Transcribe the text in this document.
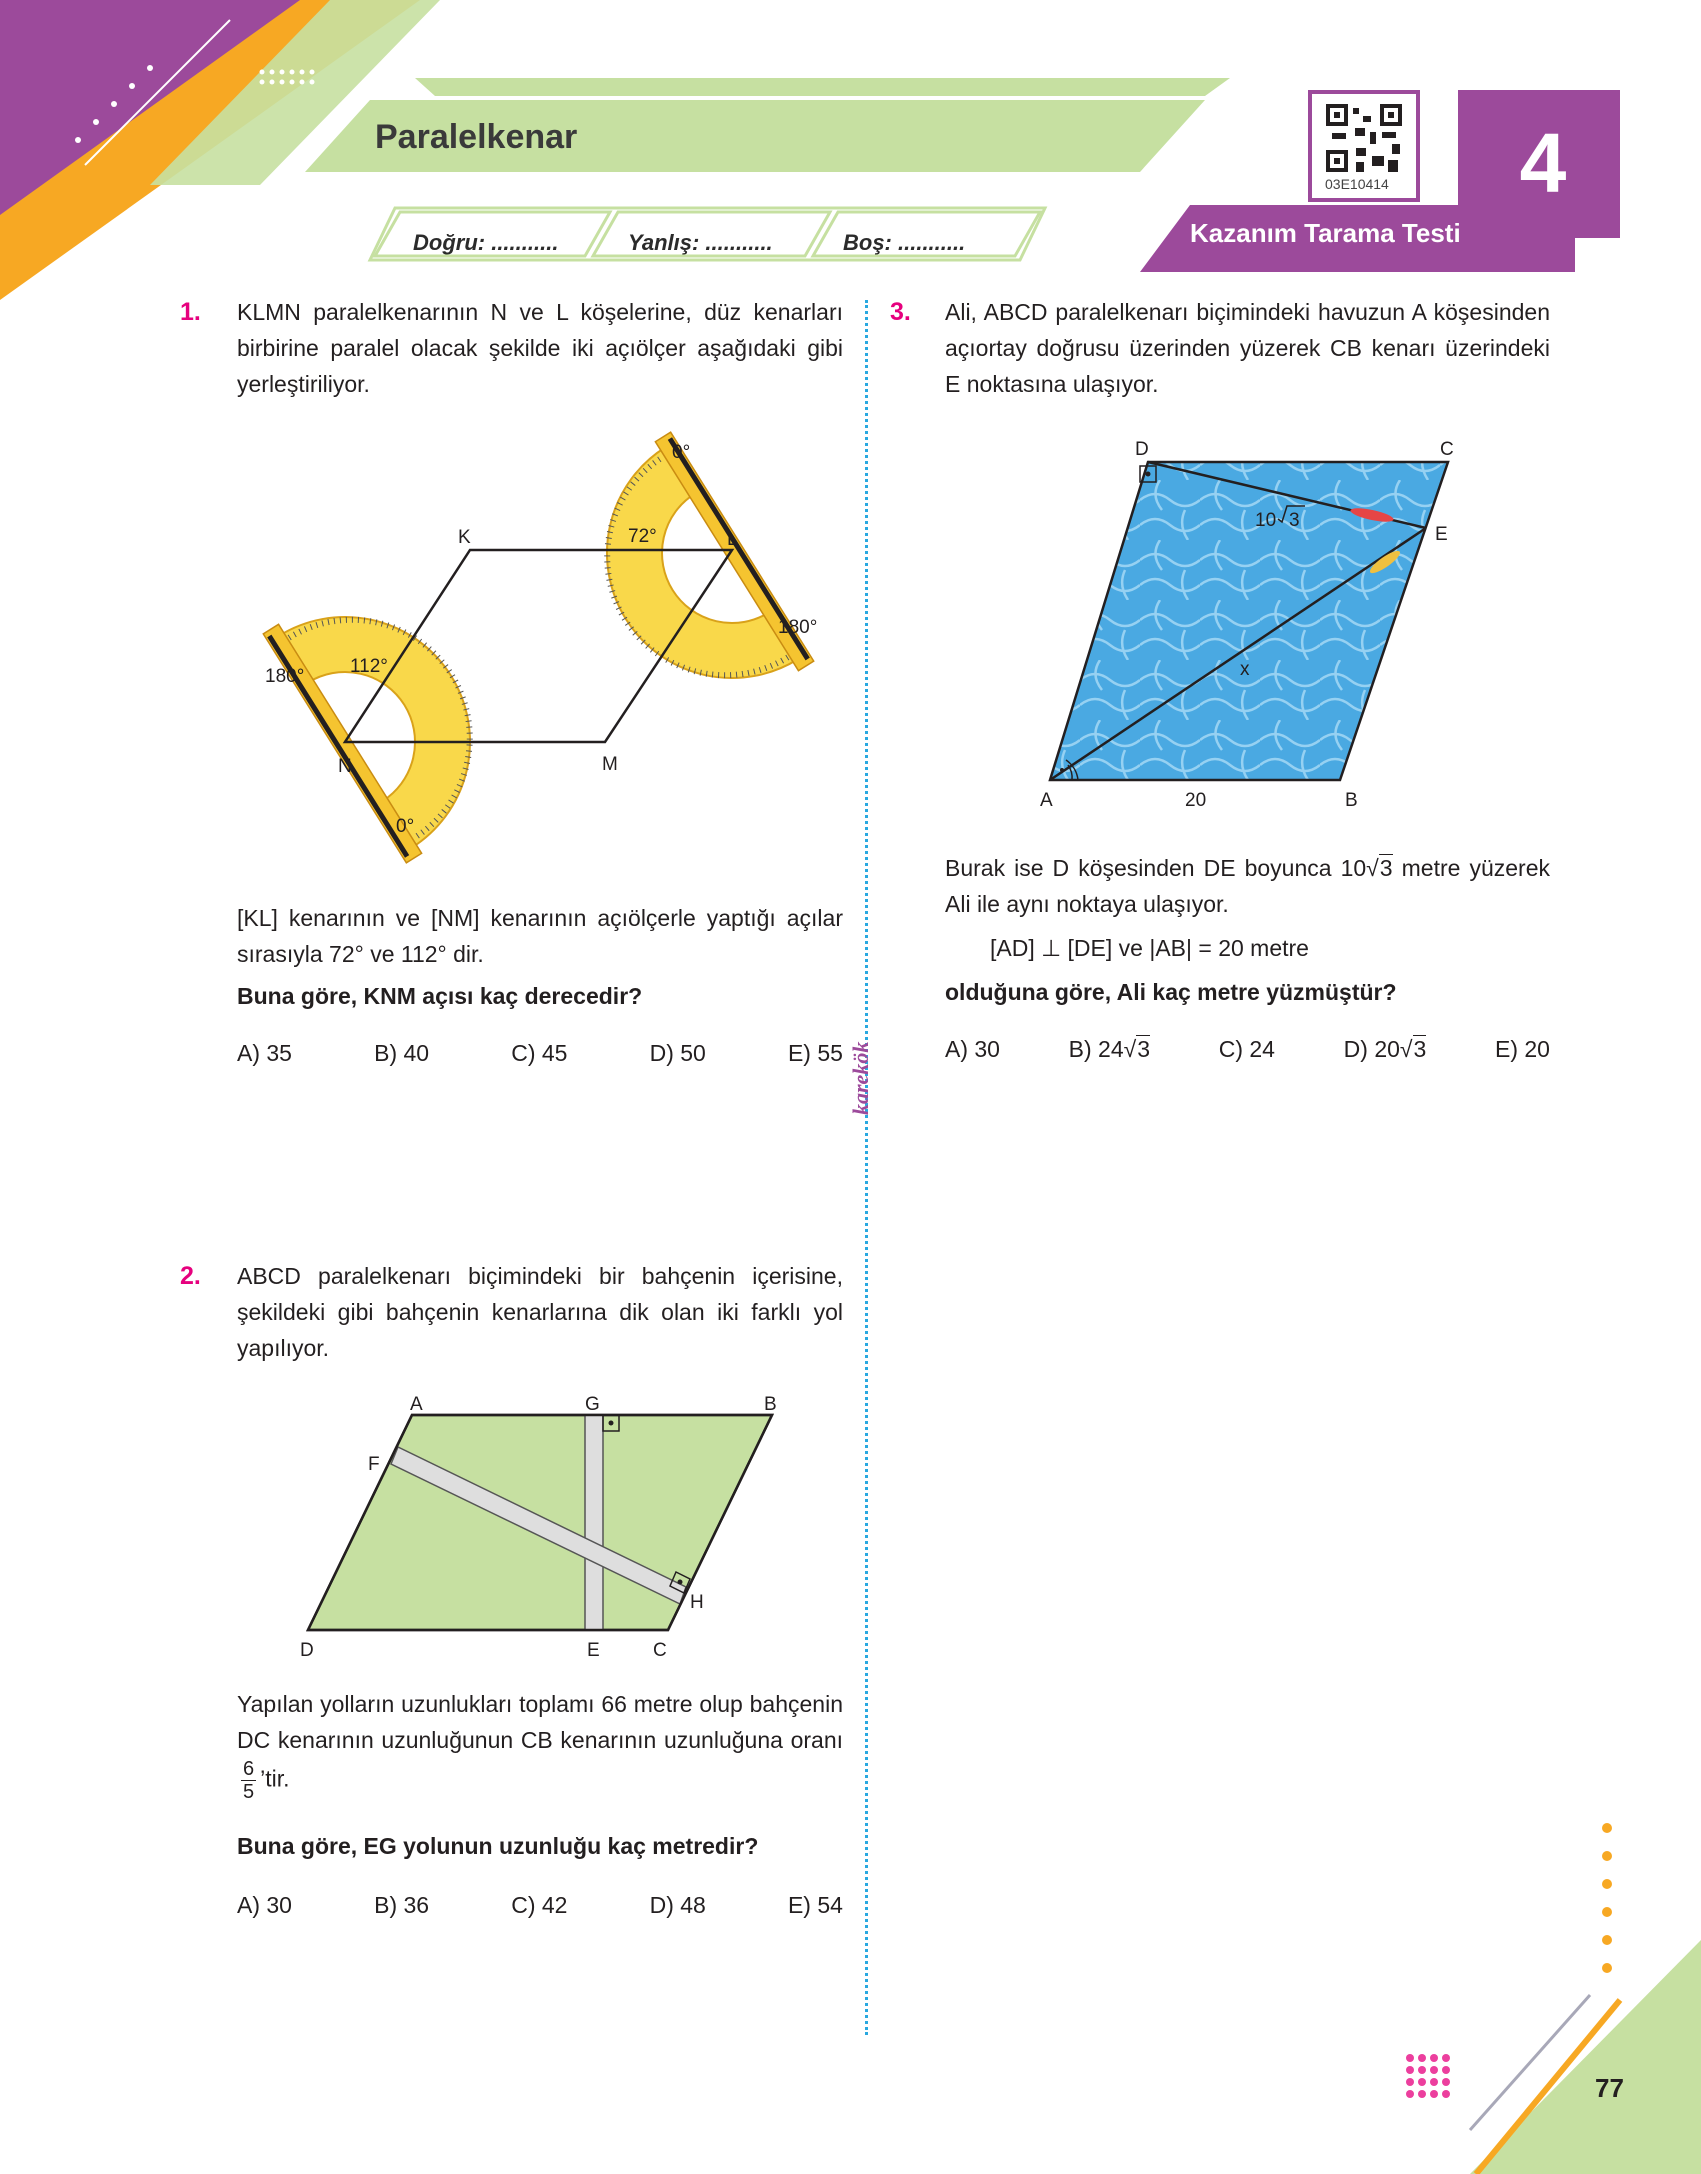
Paralelkenar
Doğru: ...........	Yanlış: ...........	Boş: ...........
03E10414	4
Kazanım Tarama Testi
karekök
1. KLMN paralelkenarının N ve L köşelerine, düz kenarları birbirine paralel olacak şekilde iki açıölçer aşağıdaki gibi yerleştiriliyor.
K	L
M
N
72°
112°
0°
0°
180°
180°
[KL] kenarının ve [NM] kenarının açıölçerle yaptığı açılar sırasıyla 72° ve 112° dir.
Buna göre, KNM açısı kaç derecedir?
A) 35	B) 40	C) 45	D) 50	E) 55
2. ABCD paralelkenarı biçimindeki bir bahçenin içerisine, şekildeki gibi bahçenin kenarlarına dik olan iki farklı yol yapılıyor.
A	G	B
F
H
D	E	C
Yapılan yolların uzunlukları toplamı 66 metre olup bahçenin DC kenarının uzunluğunun CB kenarının uzunluğuna oranı
$\frac{6}{5}$ ’tir.
Buna göre, EG yolunun uzunluğu kaç metredir?
A) 30	B) 36	C) 42	D) 48	E) 54
3. Ali, ABCD paralelkenarı biçimindeki havuzun A köşesinden açıortay doğrusu üzerinden yüzerek CB kenarı üzerindeki E noktasına ulaşıyor.
D	C
E
A	B
20
x
10 3
Burak ise D köşesinden DE boyunca 10√3 metre yüzerek Ali ile aynı noktaya ulaşıyor.
[AD] ⊥ [DE] ve |AB| = 20 metre
olduğuna göre, Ali kaç metre yüzmüştür?
A) 30	B) 24√3	C) 24	D) 20√3	E) 20
77
